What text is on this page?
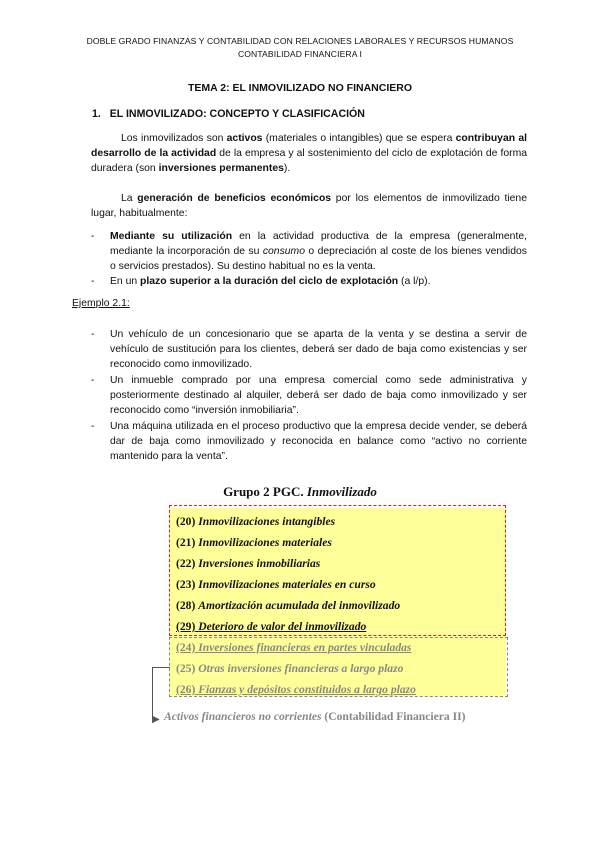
DOBLE GRADO FINANZAS Y CONTABILIDAD CON RELACIONES LABORALES Y RECURSOS HUMANOS
CONTABILIDAD FINANCIERA I
TEMA 2: EL INMOVILIZADO NO FINANCIERO
1. EL INMOVILIZADO: CONCEPTO Y CLASIFICACIÓN

Los inmovilizados son activos (materiales o intangibles) que se espera contribuyan al desarrollo de la actividad de la empresa y al sostenimiento del ciclo de explotación de forma duradera (son inversiones permanentes).

La generación de beneficios económicos por los elementos de inmovilizado tiene lugar, habitualmente:

- Mediante su utilización en la actividad productiva de la empresa (generalmente, mediante la incorporación de su consumo o depreciación al coste de los bienes vendidos o servicios prestados). Su destino habitual no es la venta.
- En un plazo superior a la duración del ciclo de explotación (a l/p).
Ejemplo 2.1:
- Un vehículo de un concesionario que se aparta de la venta y se destina a servir de vehículo de sustitución para los clientes, deberá ser dado de baja como existencias y ser reconocido como inmovilizado.
- Un inmueble comprado por una empresa comercial como sede administrativa y posteriormente destinado al alquiler, deberá ser dado de baja como inmovilizado y ser reconocido como “inversión inmobiliaria”.
- Una máquina utilizada en el proceso productivo que la empresa decide vender, se deberá dar de baja como inmovilizado y reconocida en balance como “activo no corriente mantenido para la venta”.
Grupo 2 PGC. Inmovilizado
(20) Inmovilizaciones intangibles
(21) Inmovilizaciones materiales
(22) Inversiones inmobiliarias
(23) Inmovilizaciones materiales en curso
(28) Amortización acumulada del inmovilizado
(29) Deterioro de valor del inmovilizado
(24) Inversiones financieras en partes vinculadas
(25) Otras inversiones financieras a largo plazo
(26) Fianzas y depósitos constituidos a largo plazo
▶ Activos financieros no corrientes (Contabilidad Financiera II)
